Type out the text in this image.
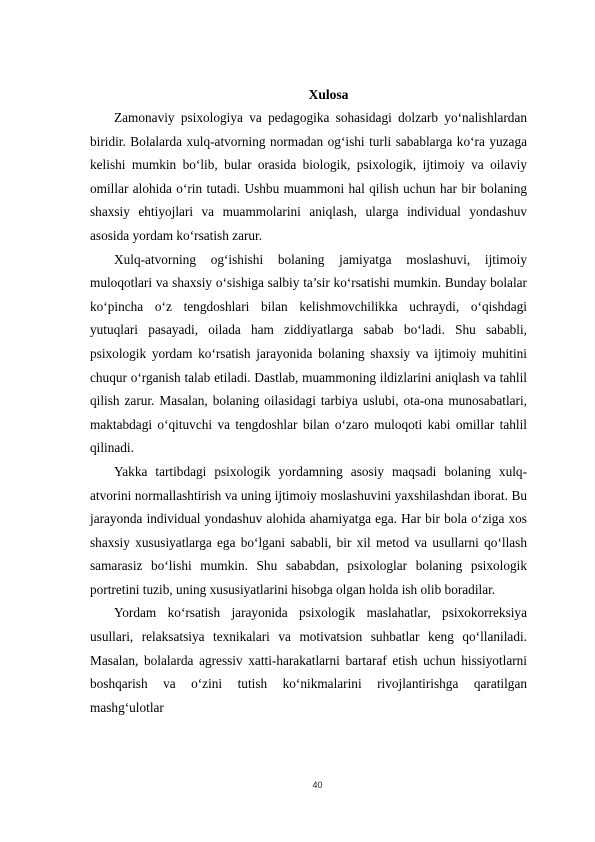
Xulosa

Zamonaviy psixologiya va pedagogika sohasidagi dolzarb yo‘nalishlardan biridir. Bolalarda xulq-atvorning normadan og‘ishi turli sabablarga ko‘ra yuzaga kelishi mumkin bo‘lib, bular orasida biologik, psixologik, ijtimoiy va oilaviy omillar alohida o‘rin tutadi. Ushbu muammoni hal qilish uchun har bir bolaning shaxsiy ehtiyojlari va muammolarini aniqlash, ularga individual yondashuv asosida yordam ko‘rsatish zarur.

Xulq-atvorning og‘ishishi bolaning jamiyatga moslashuvi, ijtimoiy muloqotlari va shaxsiy o‘sishiga salbiy ta’sir ko‘rsatishi mumkin. Bunday bolalar ko‘pincha o‘z tengdoshlari bilan kelishmovchilikka uchraydi, o‘qishdagi yutuqlari pasayadi, oilada ham ziddiyatlarga sabab bo‘ladi. Shu sababli, psixologik yordam ko‘rsatish jarayonida bolaning shaxsiy va ijtimoiy muhitini chuqur o‘rganish talab etiladi. Dastlab, muammoning ildizlarini aniqlash va tahlil qilish zarur. Masalan, bolaning oilasidagi tarbiya uslubi, ota-ona munosabatlari, maktabdagi o‘qituvchi va tengdoshlar bilan o‘zaro muloqoti kabi omillar tahlil qilinadi.

Yakka tartibdagi psixologik yordamning asosiy maqsadi bolaning xulq-atvorini normallashtirish va uning ijtimoiy moslashuvini yaxshilashdan iborat. Bu jarayonda individual yondashuv alohida ahamiyatga ega. Har bir bola o‘ziga xos shaxsiy xususiyatlarga ega bo‘lgani sababli, bir xil metod va usullarni qo‘llash samarasiz bo‘lishi mumkin. Shu sababdan, psixologlar bolaning psixologik portretini tuzib, uning xususiyatlarini hisobga olgan holda ish olib boradilar.

Yordam ko‘rsatish jarayonida psixologik maslahatlar, psixokorreksiya usullari, relaksatsiya texnikalari va motivatsion suhbatlar keng qo‘llaniladi. Masalan, bolalarda agressiv xatti-harakatlarni bartaraf etish uchun hissiyotlarni boshqarish va o‘zini tutish ko‘nikmalarini rivojlantirishga qaratilgan mashg‘ulotlar

40
